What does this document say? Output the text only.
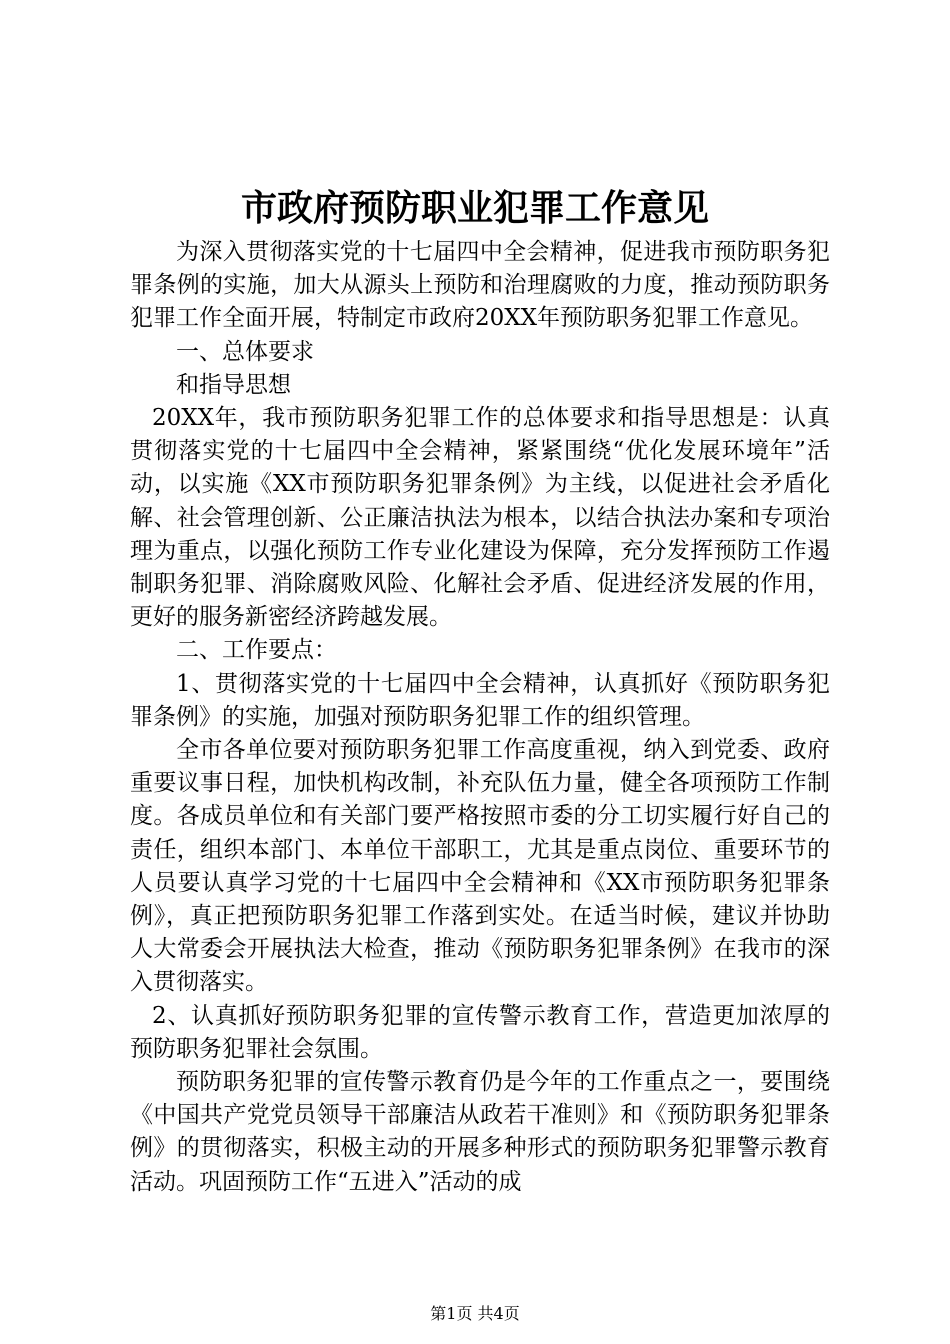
市政府预防职业犯罪工作意见

为深入贯彻落实党的十七届四中全会精神，促进我市预防职务犯罪条例的实施，加大从源头上预防和治理腐败的力度，推动预防职务犯罪工作全面开展，特制定市政府20XX年预防职务犯罪工作意见。

一、总体要求

和指导思想

20XX年，我市预防职务犯罪工作的总体要求和指导思想是：认真贯彻落实党的十七届四中全会精神，紧紧围绕“优化发展环境年”活动，以实施《XX市预防职务犯罪条例》为主线，以促进社会矛盾化解、社会管理创新、公正廉洁执法为根本，以结合执法办案和专项治理为重点，以强化预防工作专业化建设为保障，充分发挥预防工作遏制职务犯罪、消除腐败风险、化解社会矛盾、促进经济发展的作用，更好的服务新密经济跨越发展。

二、工作要点：

1、贯彻落实党的十七届四中全会精神，认真抓好《预防职务犯罪条例》的实施，加强对预防职务犯罪工作的组织管理。

全市各单位要对预防职务犯罪工作高度重视，纳入到党委、政府重要议事日程，加快机构改制，补充队伍力量，健全各项预防工作制度。各成员单位和有关部门要严格按照市委的分工切实履行好自己的责任，组织本部门、本单位干部职工，尤其是重点岗位、重要环节的人员要认真学习党的十七届四中全会精神和《XX市预防职务犯罪条例》，真正把预防职务犯罪工作落到实处。在适当时候，建议并协助人大常委会开展执法大检查，推动《预防职务犯罪条例》在我市的深入贯彻落实。

2、认真抓好预防职务犯罪的宣传警示教育工作，营造更加浓厚的预防职务犯罪社会氛围。

预防职务犯罪的宣传警示教育仍是今年的工作重点之一，要围绕《中国共产党党员领导干部廉洁从政若干准则》和《预防职务犯罪条例》的贯彻落实，积极主动的开展多种形式的预防职务犯罪警示教育活动。巩固预防工作“五进入”活动的成

第1页 共4页
